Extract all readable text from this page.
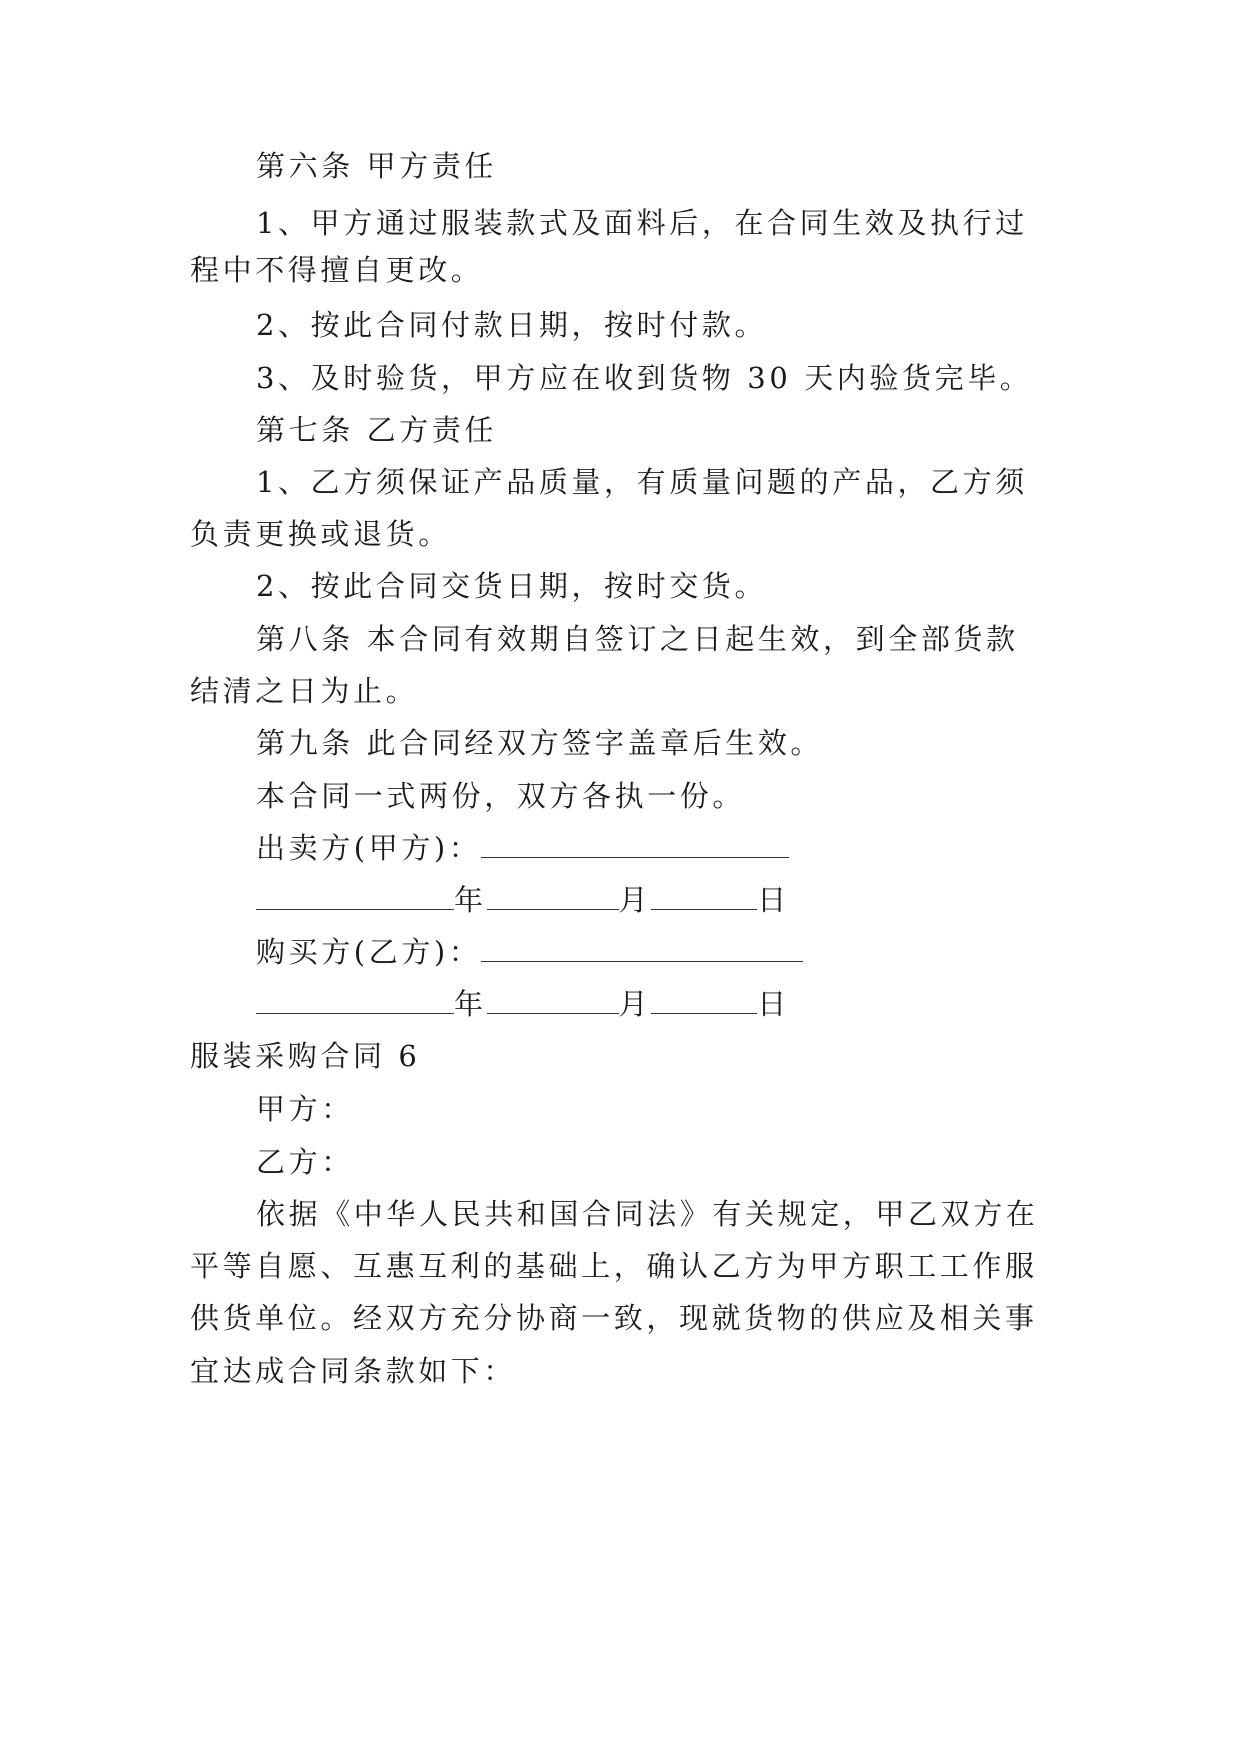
第六条 甲方责任
1、甲方通过服装款式及面料后，在合同生效及执行过
程中不得擅自更改。
2、按此合同付款日期，按时付款。
3、及时验货，甲方应在收到货物 30 天内验货完毕。
第七条 乙方责任
1、乙方须保证产品质量，有质量问题的产品，乙方须
负责更换或退货。
2、按此合同交货日期，按时交货。
第八条 本合同有效期自签订之日起生效，到全部货款
结清之日为止。
第九条 此合同经双方签字盖章后生效。
本合同一式两份，双方各执一份。
出卖方(甲方)：
年	月	日
购买方(乙方)：
年	月	日
服装采购合同 6
甲方：
乙方：
依据《中华人民共和国合同法》有关规定，甲乙双方在
平等自愿、互惠互利的基础上，确认乙方为甲方职工工作服
供货单位。经双方充分协商一致，现就货物的供应及相关事
宜达成合同条款如下：
